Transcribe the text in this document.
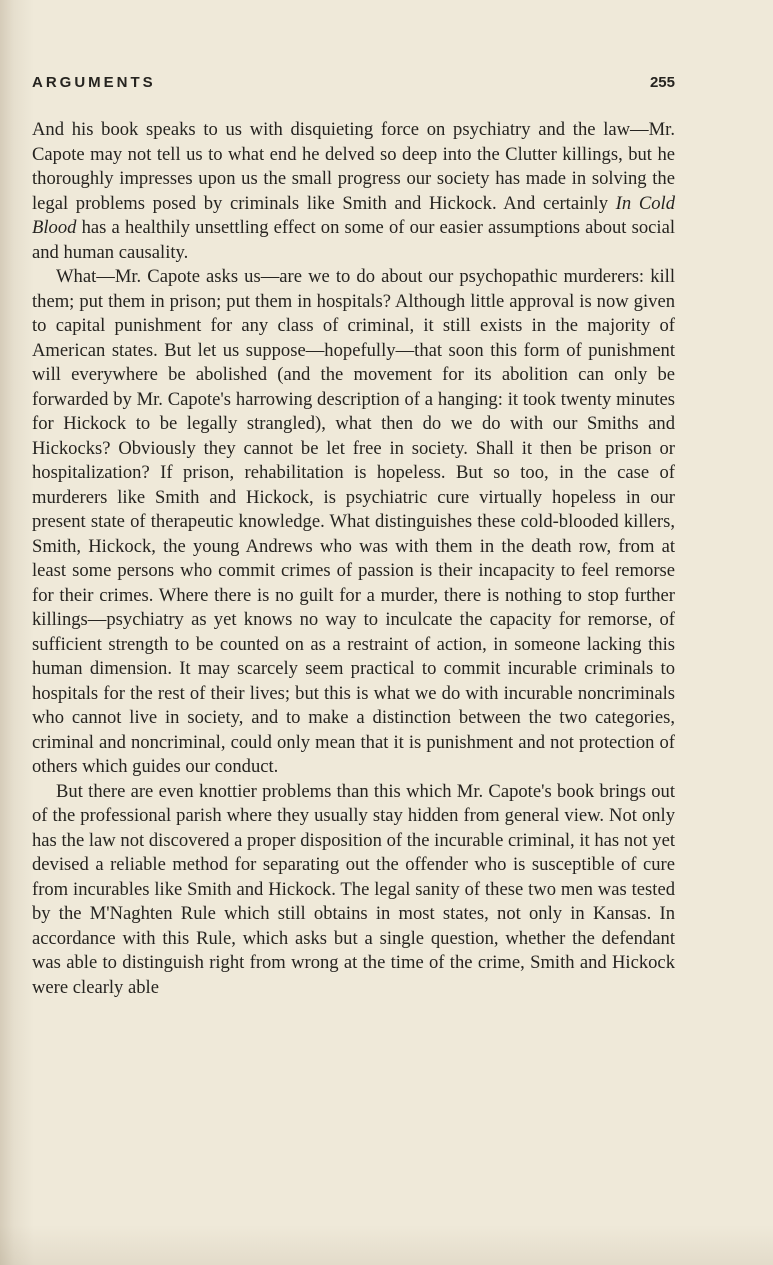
ARGUMENTS	255

And his book speaks to us with disquieting force on psychiatry and the law—Mr. Capote may not tell us to what end he delved so deep into the Clutter killings, but he thoroughly impresses upon us the small progress our society has made in solving the legal problems posed by criminals like Smith and Hickock. And certainly In Cold Blood has a healthily unsettling effect on some of our easier assumptions about social and human causality.

What—Mr. Capote asks us—are we to do about our psychopathic murderers: kill them; put them in prison; put them in hospitals? Although little approval is now given to capital punishment for any class of criminal, it still exists in the majority of American states. But let us suppose—hopefully—that soon this form of punishment will everywhere be abolished (and the movement for its abolition can only be forwarded by Mr. Capote's harrowing description of a hanging: it took twenty minutes for Hickock to be legally strangled), what then do we do with our Smiths and Hickocks? Obviously they cannot be let free in society. Shall it then be prison or hospitalization? If prison, rehabilitation is hopeless. But so too, in the case of murderers like Smith and Hickock, is psychiatric cure virtually hopeless in our present state of therapeutic knowledge. What distinguishes these cold-blooded killers, Smith, Hickock, the young Andrews who was with them in the death row, from at least some persons who commit crimes of passion is their incapacity to feel remorse for their crimes. Where there is no guilt for a murder, there is nothing to stop further killings—psychiatry as yet knows no way to inculcate the capacity for remorse, of sufficient strength to be counted on as a restraint of action, in someone lacking this human dimension. It may scarcely seem practical to commit incurable criminals to hospitals for the rest of their lives; but this is what we do with incurable noncriminals who cannot live in society, and to make a distinction between the two categories, criminal and noncriminal, could only mean that it is punishment and not protection of others which guides our conduct.

But there are even knottier problems than this which Mr. Capote's book brings out of the professional parish where they usually stay hidden from general view. Not only has the law not discovered a proper disposition of the incurable criminal, it has not yet devised a reliable method for separating out the offender who is susceptible of cure from incurables like Smith and Hickock. The legal sanity of these two men was tested by the M'Naghten Rule which still obtains in most states, not only in Kansas. In accordance with this Rule, which asks but a single question, whether the defendant was able to distinguish right from wrong at the time of the crime, Smith and Hickock were clearly able
